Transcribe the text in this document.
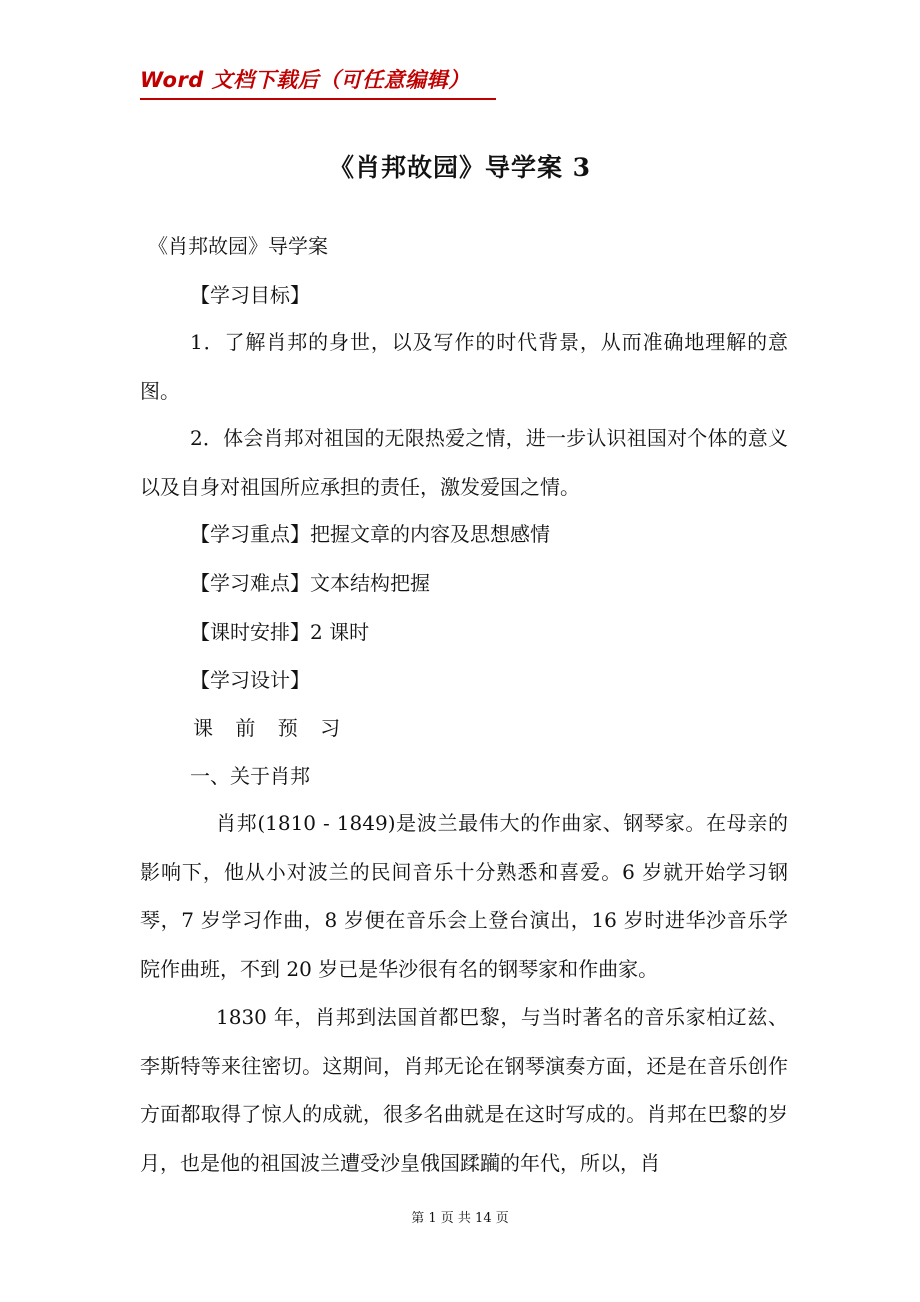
Word 文档下载后（可任意编辑）
《肖邦故园》导学案 3
《肖邦故园》导学案
【学习目标】
1．了解肖邦的身世，以及写作的时代背景，从而准确地理解的意图。
2．体会肖邦对祖国的无限热爱之情，进一步认识祖国对个体的意义以及自身对祖国所应承担的责任，激发爱国之情。
【学习重点】把握文章的内容及思想感情
【学习难点】文本结构把握
【课时安排】2 课时
【学习设计】
课 前 预 习
一、关于肖邦
肖邦(1810 - 1849)是波兰最伟大的作曲家、钢琴家。在母亲的影响下，他从小对波兰的民间音乐十分熟悉和喜爱。6 岁就开始学习钢琴，7 岁学习作曲，8 岁便在音乐会上登台演出，16 岁时进华沙音乐学院作曲班，不到 20 岁已是华沙很有名的钢琴家和作曲家。
1830 年，肖邦到法国首都巴黎，与当时著名的音乐家柏辽兹、李斯特等来往密切。这期间，肖邦无论在钢琴演奏方面，还是在音乐创作方面都取得了惊人的成就，很多名曲就是在这时写成的。肖邦在巴黎的岁月，也是他的祖国波兰遭受沙皇俄国蹂躏的年代，所以，肖
第 1 页 共 14 页
